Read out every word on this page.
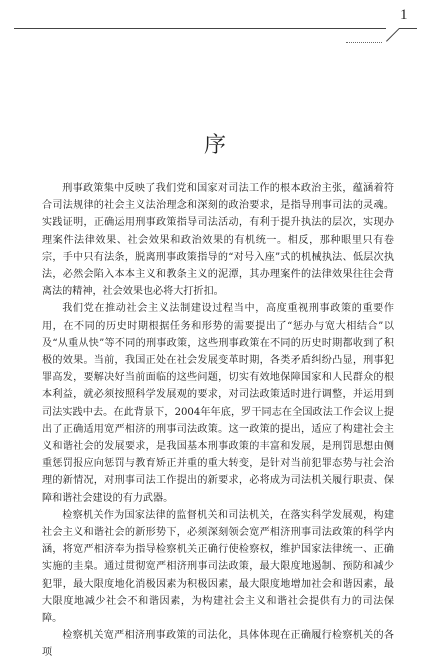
1
序

刑事政策集中反映了我们党和国家对司法工作的根本政治主张，蕴涵着符合司法规律的社会主义法治理念和深刻的政治要求，是指导刑事司法的灵魂。实践证明，正确运用刑事政策指导司法活动，有利于提升执法的层次，实现办理案件法律效果、社会效果和政治效果的有机统一。相反，那种眼里只有卷宗，手中只有法条，脱离刑事政策指导的“对号入座”式的机械执法、低层次执法，必然会陷入本本主义和教条主义的泥潭，其办理案件的法律效果往往会背离法的精神，社会效果也必将大打折扣。

我们党在推动社会主义法制建设过程当中，高度重视刑事政策的重要作用，在不同的历史时期根据任务和形势的需要提出了“惩办与宽大相结合”以及“从重从快”等不同的刑事政策，这些刑事政策在不同的历史时期都收到了积极的效果。当前，我国正处在社会发展变革时期，各类矛盾纠纷凸显，刑事犯罪高发，要解决好当前面临的这些问题，切实有效地保障国家和人民群众的根本利益，就必须按照科学发展观的要求，对司法政策适时进行调整，并运用到司法实践中去。在此背景下，2004年年底，罗干同志在全国政法工作会议上提出了正确适用宽严相济的刑事司法政策。这一政策的提出，适应了构建社会主义和谐社会的发展要求，是我国基本刑事政策的丰富和发展，是刑罚思想由侧重惩罚报应向惩罚与教育矫正并重的重大转变，是针对当前犯罪态势与社会治理的新情况，对刑事司法工作提出的新要求，必将成为司法机关履行职责、保障和谐社会建设的有力武器。

检察机关作为国家法律的监督机关和司法机关，在落实科学发展观，构建社会主义和谐社会的新形势下，必须深刻领会宽严相济刑事司法政策的科学内涵，将宽严相济奉为指导检察机关正确行使检察权，维护国家法律统一、正确实施的圭臬。通过贯彻宽严相济刑事司法政策，最大限度地遏制、预防和减少犯罪，最大限度地化消极因素为积极因素，最大限度地增加社会和谐因素，最大限度地减少社会不和谐因素，为构建社会主义和谐社会提供有力的司法保障。

检察机关宽严相济刑事政策的司法化，具体体现在正确履行检察机关的各项
